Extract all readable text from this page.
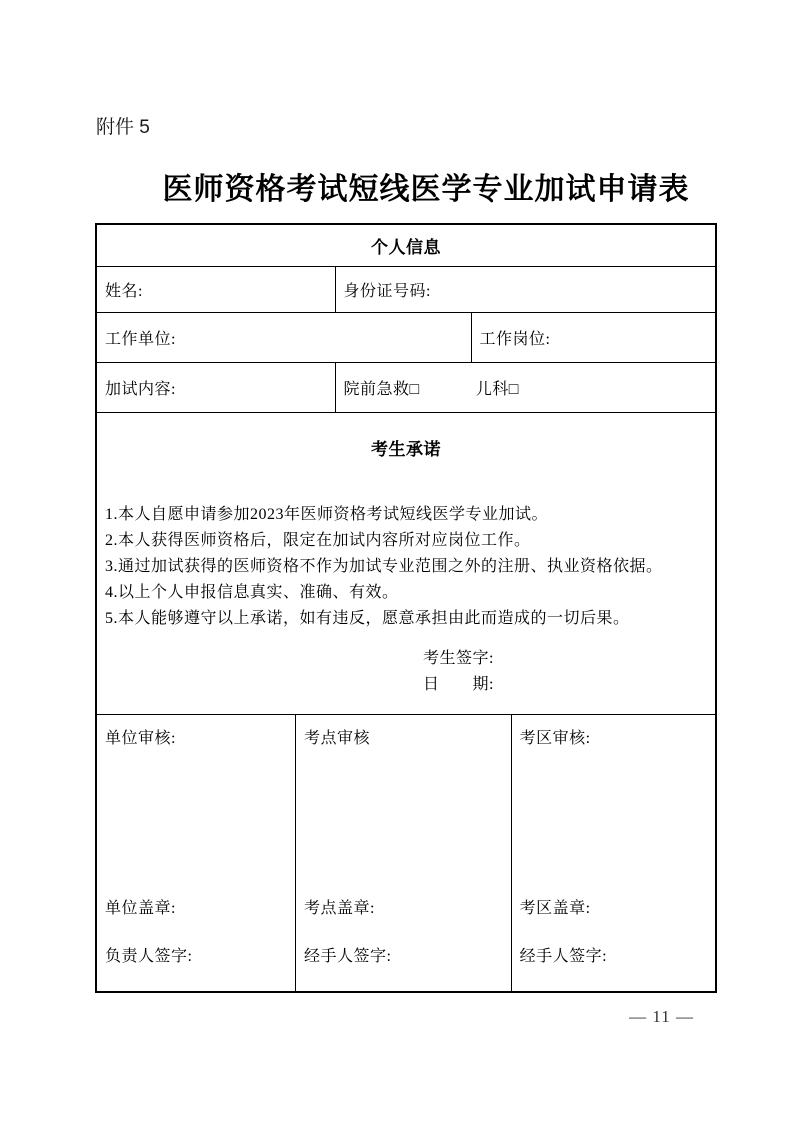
附件 5
医师资格考试短线医学专业加试申请表
个人信息
姓名:	身份证号码:
工作单位:	工作岗位:
加试内容:	院前急救□	儿科□
考生承诺
1.本人自愿申请参加2023年医师资格考试短线医学专业加试。
2.本人获得医师资格后，限定在加试内容所对应岗位工作。
3.通过加试获得的医师资格不作为加试专业范围之外的注册、执业资格依据。
4.以上个人申报信息真实、准确、有效。
5.本人能够遵守以上承诺，如有违反，愿意承担由此而造成的一切后果。
考生签字:
日　　期:
单位审核:
单位盖章:
负责人签字:
考点审核
考点盖章:
经手人签字:
考区审核:
考区盖章:
经手人签字:
— 11 —
